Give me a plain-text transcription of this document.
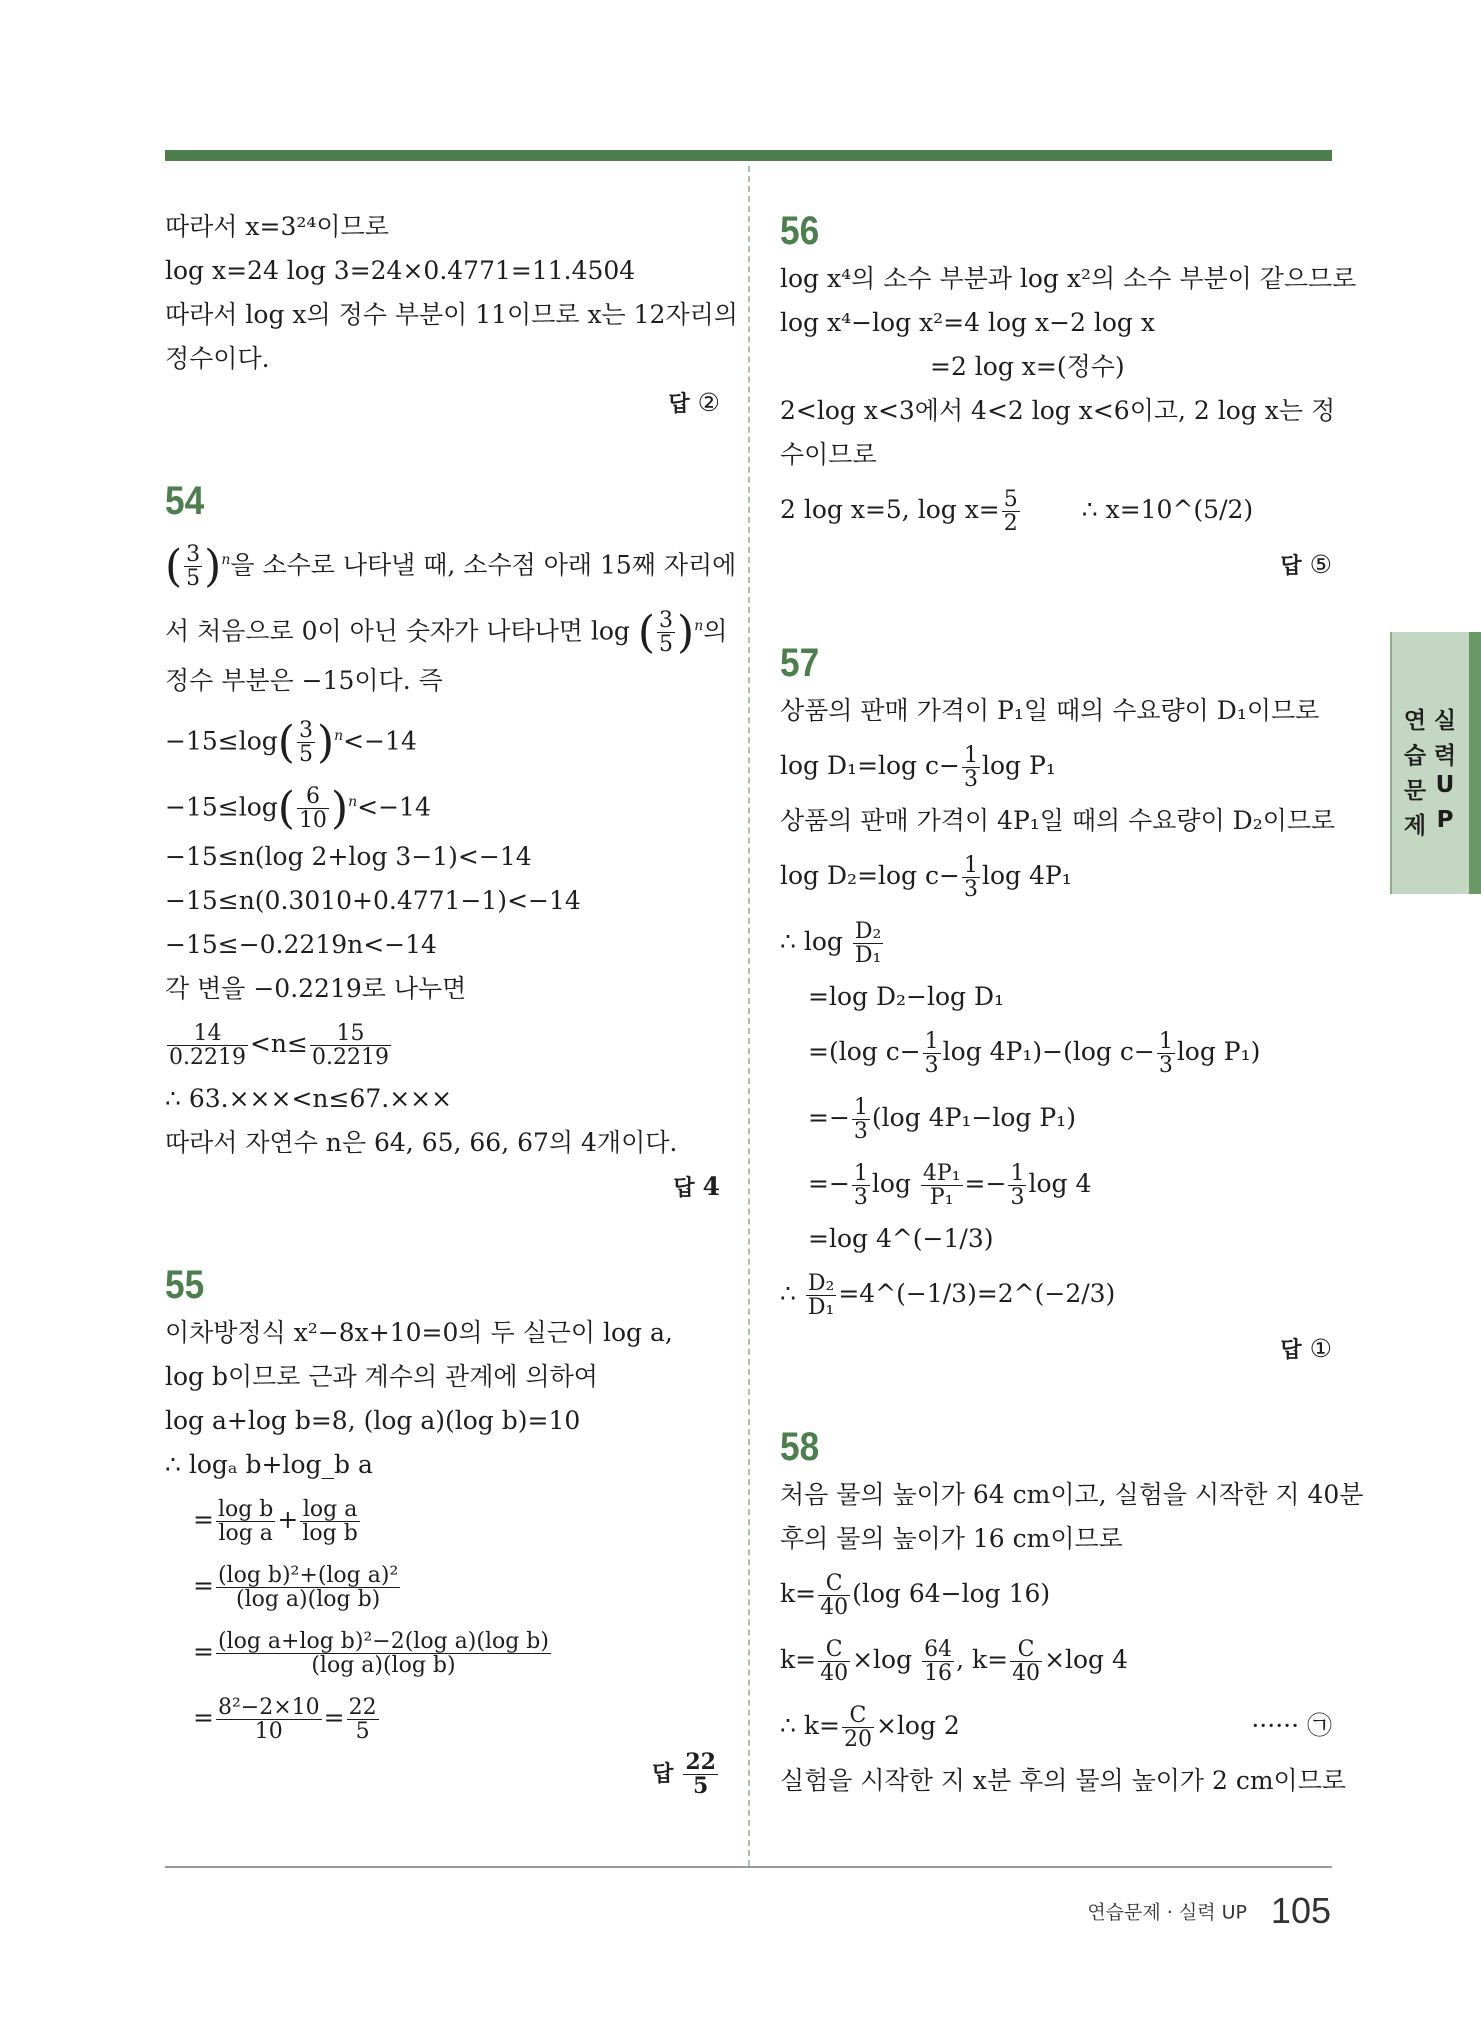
따라서 x=3²⁴이므로
log x=24 log 3=24×0.4771=11.4504
따라서 log x의 정수 부분이 11이므로 x는 12자리의
정수이다.
답 ②
54
( $\frac{3}{5} )^n$을 소수로 나타낼 때, 소수점 아래 15째 자리에
서 처음으로 0이 아닌 숫자가 나타나면 log ( $\frac{3}{5} )^n$의
정수 부분은 −15이다. 즉
$-15\le\log( \frac{3}{5} )^n<-14$
$-15\le\log( \frac{6}{10} )^n<-14$
−15≤n(log 2+log 3−1)<−14
−15≤n(0.3010+0.4771−1)<−14
−15≤−0.2219n<−14
각 변을 −0.2219로 나누면
$\frac{14}{0.2219} <n\le \frac{15}{0.2219}$
∴ 63.×××<n≤67.×××
따라서 자연수 n은 64, 65, 66, 67의 4개이다.
답 4
55
이차방정식 x²−8x+10=0의 두 실근이 log a,
log b이므로 근과 계수의 관계에 의하여
log a+log b=8, (log a)(log b)=10
∴ logₐ b+log_b a
= $\frac{\text{log b}}{\text{log a}} + \frac{\text{log a}}{\text{log b}}$
= $\frac{\text{(log b)²+(log a)²}}{\text{(log a)(log b)}}$
= $\frac{\text{(log a+log b)²−2(log a)(log b)}}{\text{(log a)(log b)}}$
= $\frac{\text{8²−2×10}}{10} = \frac{22}{5}$
답 $\frac{22}{5}$
56
log x⁴의 소수 부분과 log x²의 소수 부분이 같으므로
log x⁴−log x²=4 log x−2 log x
=2 log x=(정수)
2<log x<3에서 4<2 log x<6이고, 2 log x는 정
수이므로
2 log x=5, $\log x= \frac{5}{2}$ ∴ x=10^(5/2)
답 ⑤
57
상품의 판매 가격이 P₁일 때의 수요량이 D₁이므로
log D₁=log $c- \frac{1}{3}$ log P₁
상품의 판매 가격이 4P₁일 때의 수요량이 D₂이므로
log D₂=log $c- \frac{1}{3}$ log 4P₁
∴ $\log \frac{\text{D₂}}{\text{D₁}}$
=log D₂−log D₁
=(log $c- \frac{1}{3}$ log 4P₁)−(log $c- \frac{1}{3}$ log P₁)
=− $\frac{1}{3} (\log$ 4P₁−log P₁)
=− $\frac{1}{3}$ $\log \frac{\text{4P₁}}{\text{P₁}} =- \frac{1}{3}$ log 4
=log 4^(−1/3)
∴ $\frac{\text{D₂}}{\text{D₁}}$ =4^(−1/3)=2^(−2/3)
답 ①
58
처음 물의 높이가 64 cm이고, 실험을 시작한 지 40분
후의 물의 높이가 16 cm이므로
$k= \frac{C}{40} (\log$ 64−log 16)
$k= \frac{C}{40} \times\log \frac{64}{16}$ , $k= \frac{C}{40} \times\log$ 4
∴ $k= \frac{C}{20} \times\log$ 2	······ ㉠
실험을 시작한 지 x분 후의 물의 높이가 2 cm이므로
연 실
습 력
문 U
제 P
연습문제 · 실력 UP 105
